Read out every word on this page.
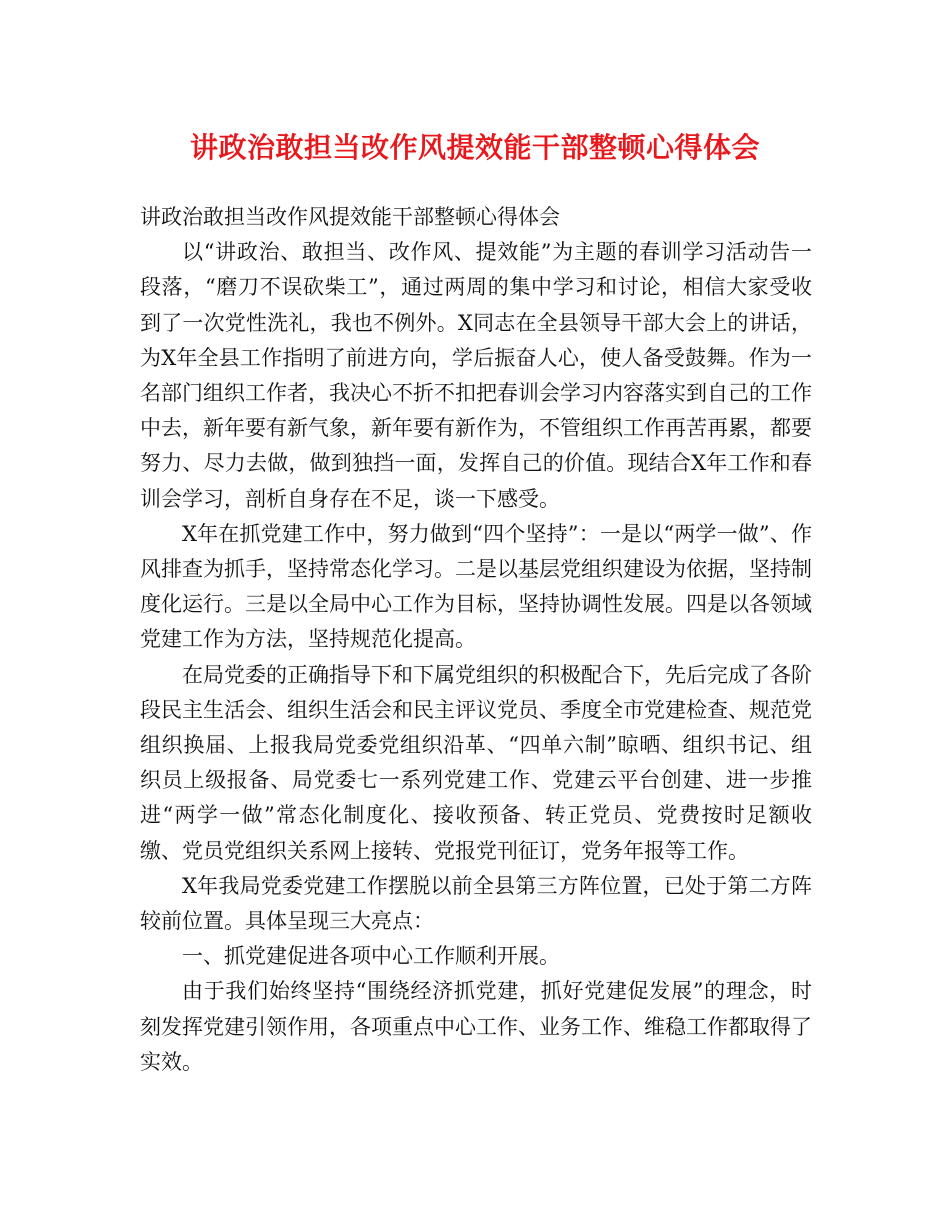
讲政治敢担当改作风提效能干部整顿心得体会

讲政治敢担当改作风提效能干部整顿心得体会

以“讲政治、敢担当、改作风、提效能”为主题的春训学习活动告一段落，“磨刀不误砍柴工”，通过两周的集中学习和讨论，相信大家受收到了一次党性洗礼，我也不例外。X同志在全县领导干部大会上的讲话，为X年全县工作指明了前进方向，学后振奋人心，使人备受鼓舞。作为一名部门组织工作者，我决心不折不扣把春训会学习内容落实到自己的工作中去，新年要有新气象，新年要有新作为，不管组织工作再苦再累，都要努力、尽力去做，做到独挡一面，发挥自己的价值。现结合X年工作和春训会学习，剖析自身存在不足，谈一下感受。

X年在抓党建工作中，努力做到“四个坚持”：一是以“两学一做”、作风排查为抓手，坚持常态化学习。二是以基层党组织建设为依据，坚持制度化运行。三是以全局中心工作为目标，坚持协调性发展。四是以各领域党建工作为方法，坚持规范化提高。

在局党委的正确指导下和下属党组织的积极配合下，先后完成了各阶段民主生活会、组织生活会和民主评议党员、季度全市党建检查、规范党组织换届、上报我局党委党组织沿革、“四单六制”晾晒、组织书记、组织员上级报备、局党委七一系列党建工作、党建云平台创建、进一步推进“两学一做”常态化制度化、接收预备、转正党员、党费按时足额收缴、党员党组织关系网上接转、党报党刊征订，党务年报等工作。

X年我局党委党建工作摆脱以前全县第三方阵位置，已处于第二方阵较前位置。具体呈现三大亮点：

一、抓党建促进各项中心工作顺利开展。

由于我们始终坚持“围绕经济抓党建，抓好党建促发展”的理念，时刻发挥党建引领作用，各项重点中心工作、业务工作、维稳工作都取得了实效。
